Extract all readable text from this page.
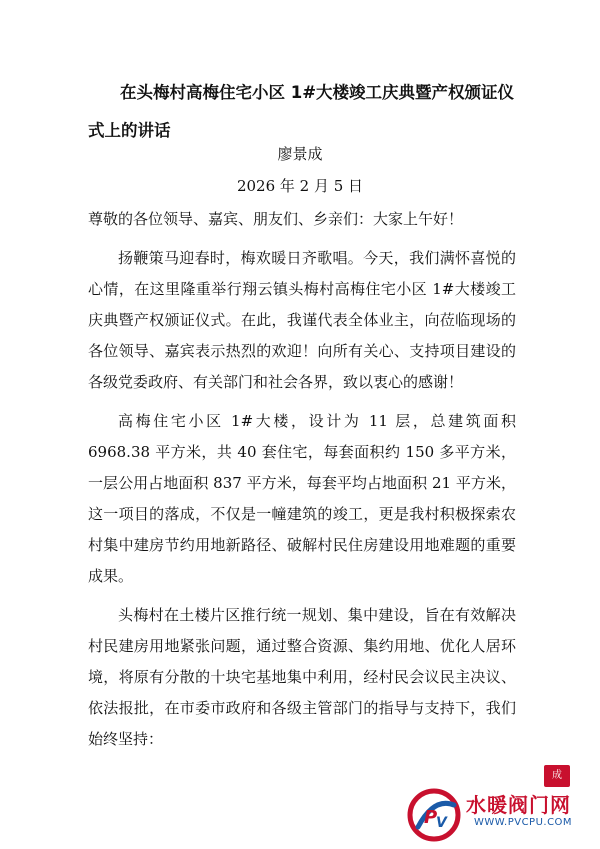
在头梅村高梅住宅小区 1#大楼竣工庆典暨产权颁证仪式上的讲话
廖景成
2026 年 2 月 5 日

尊敬的各位领导、嘉宾、朋友们、乡亲们：大家上午好！

扬鞭策马迎春时，梅欢暖日齐歌唱。今天，我们满怀喜悦的心情，在这里隆重举行翔云镇头梅村高梅住宅小区 1#大楼竣工庆典暨产权颁证仪式。在此，我谨代表全体业主，向莅临现场的各位领导、嘉宾表示热烈的欢迎！向所有关心、支持项目建设的各级党委政府、有关部门和社会各界，致以衷心的感谢！

高梅住宅小区 1#大楼，设计为 11 层，总建筑面积 6968.38 平方米，共 40 套住宅，每套面积约 150 多平方米，一层公用占地面积 837 平方米，每套平均占地面积 21 平方米，这一项目的落成，不仅是一幢建筑的竣工，更是我村积极探索农村集中建房节约用地新路径、破解村民住房建设用地难题的重要成果。

头梅村在土楼片区推行统一规划、集中建设，旨在有效解决村民建房用地紧张问题，通过整合资源、集约用地、优化人居环境，将原有分散的十块宅基地集中利用，经村民会议民主决议、依法报批，在市委市政府和各级主管部门的指导与支持下，我们始终坚持：

P
V
成
水暖阀门网
WWW.PVCPU.COM
